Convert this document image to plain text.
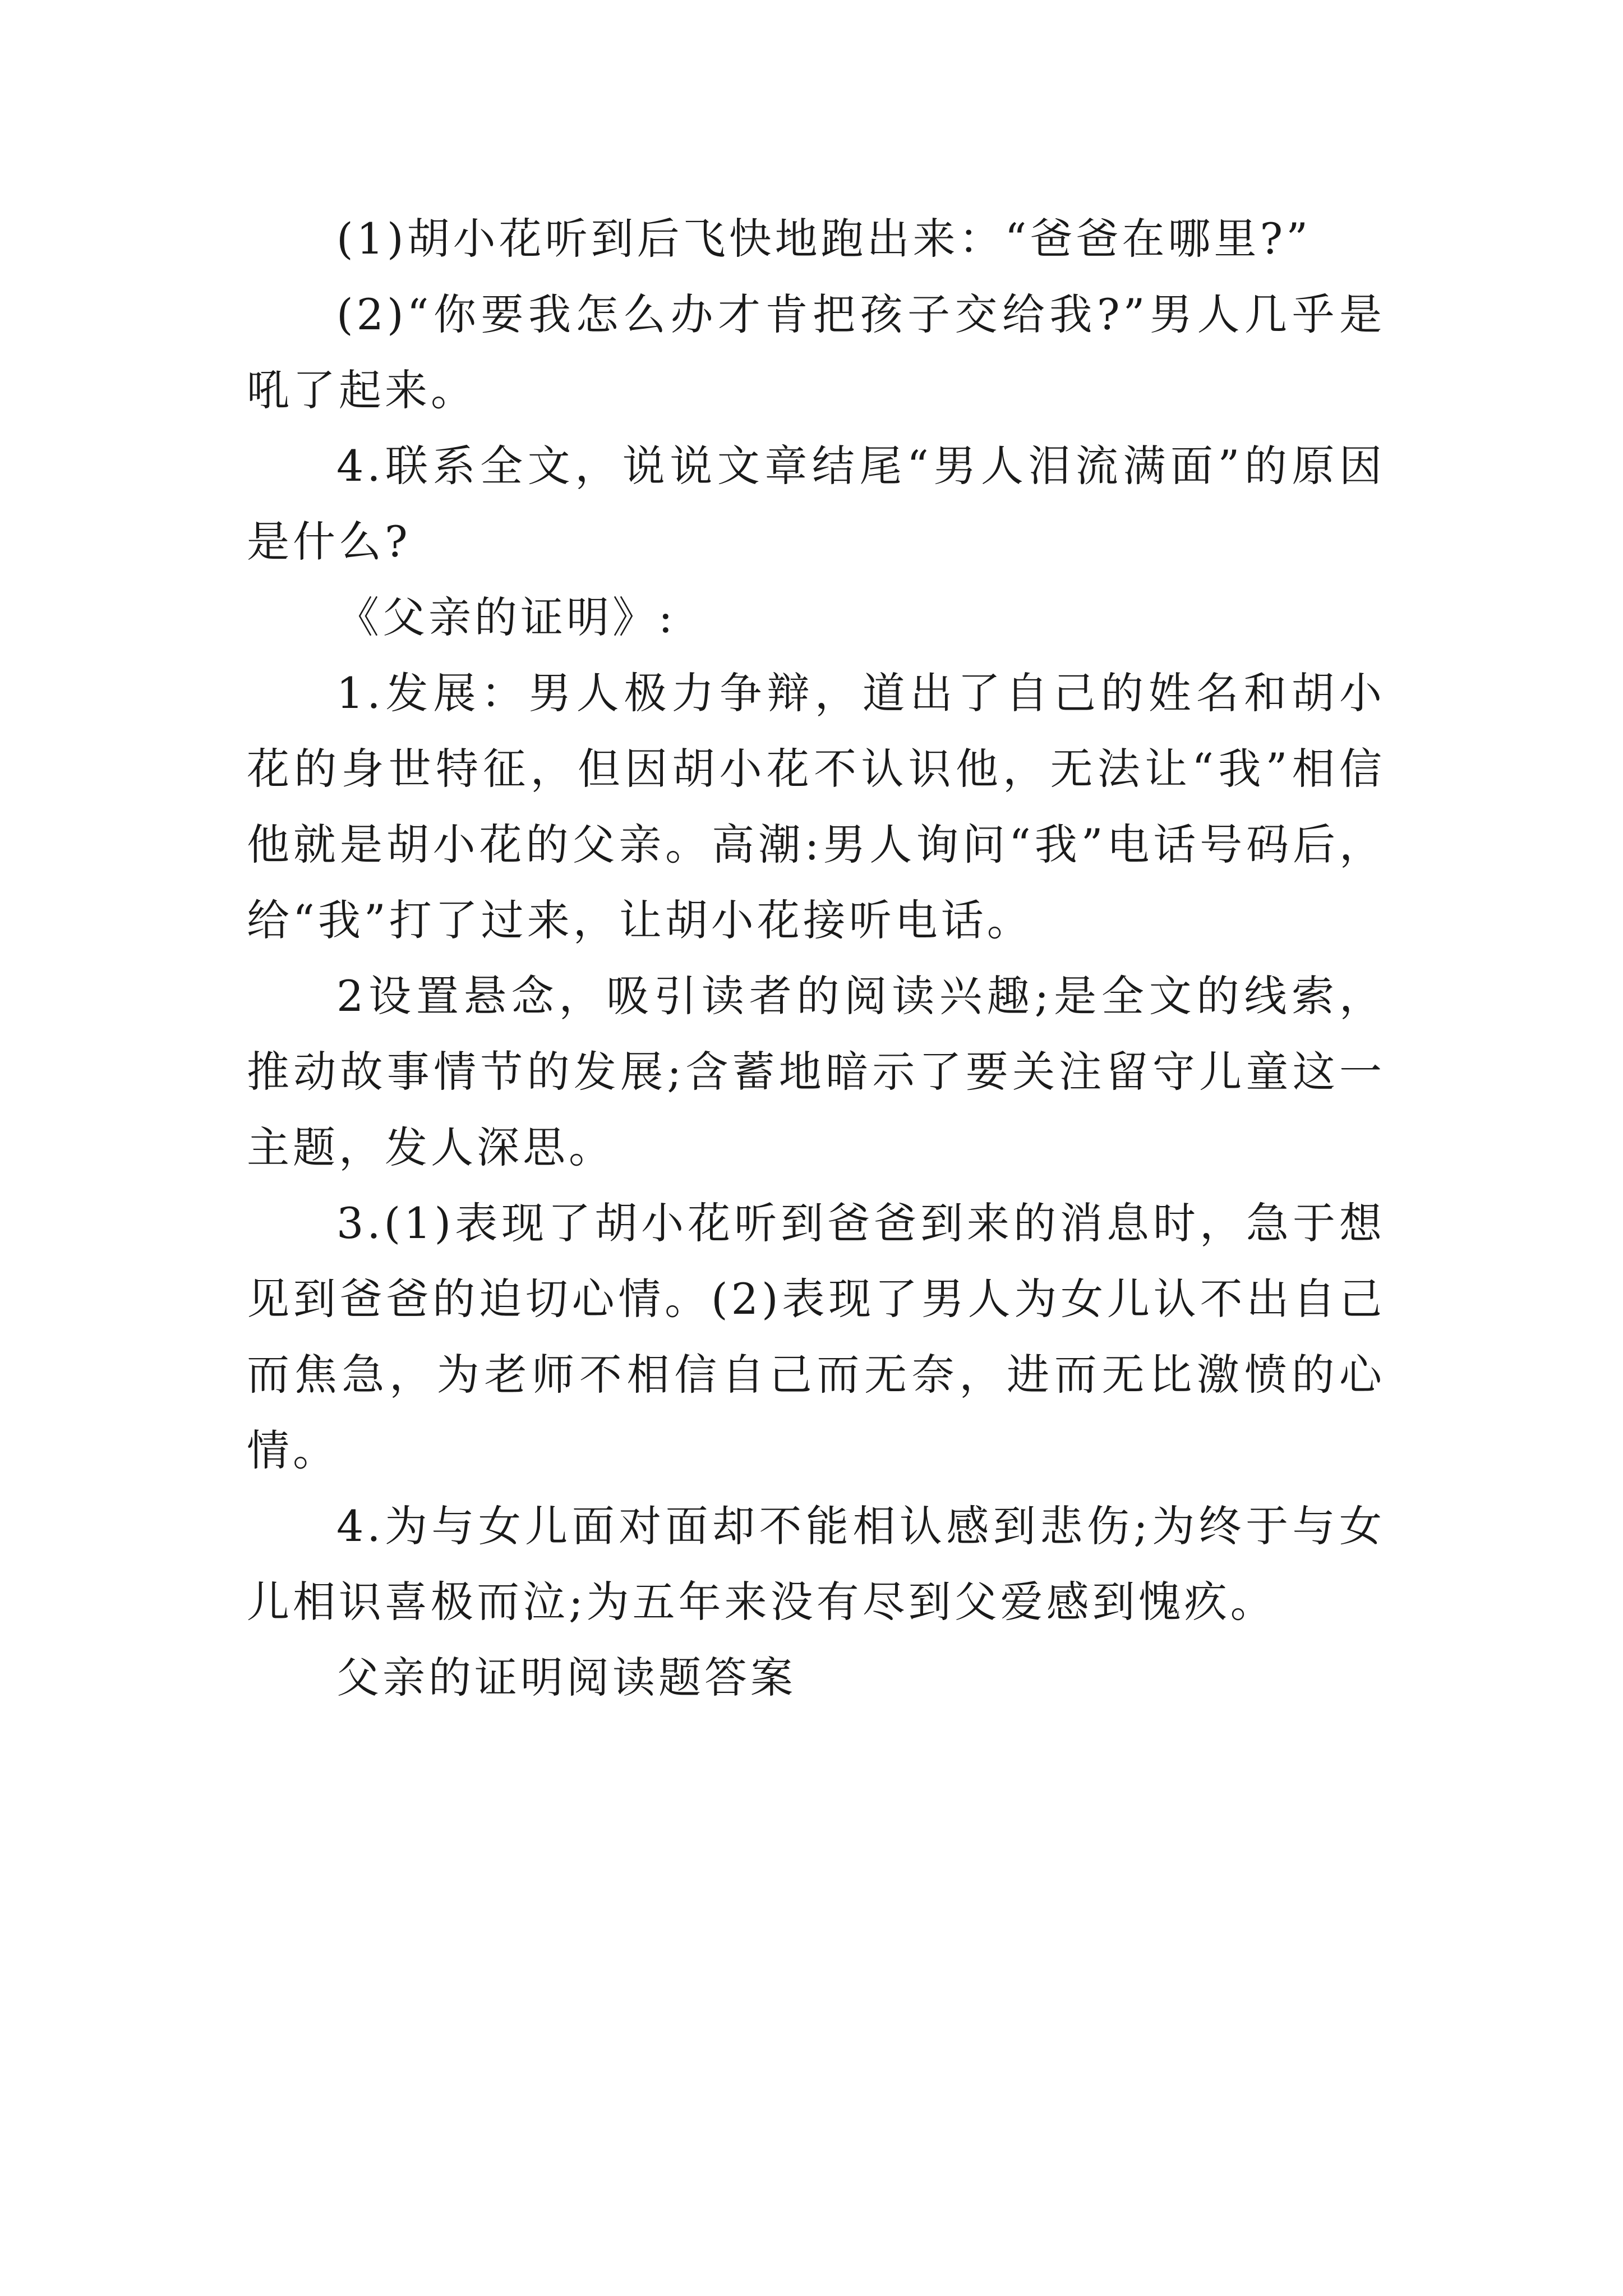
(1)胡小花听到后飞快地跑出来：“爸爸在哪里?”

(2)“你要我怎么办才肯把孩子交给我?”男人几乎是吼了起来。

4.联系全文，说说文章结尾“男人泪流满面”的原因是什么?

《父亲的证明》:

1.发展：男人极力争辩，道出了自己的姓名和胡小花的身世特征，但因胡小花不认识他，无法让“我”相信他就是胡小花的父亲。高潮:男人询问“我”电话号码后，给“我”打了过来，让胡小花接听电话。

2设置悬念，吸引读者的阅读兴趣;是全文的线索，推动故事情节的发展;含蓄地暗示了要关注留守儿童这一主题，发人深思。

3.(1)表现了胡小花听到爸爸到来的消息时，急于想见到爸爸的迫切心情。(2)表现了男人为女儿认不出自己而焦急，为老师不相信自己而无奈，进而无比激愤的心情。

4.为与女儿面对面却不能相认感到悲伤;为终于与女儿相识喜极而泣;为五年来没有尽到父爱感到愧疚。

父亲的证明阅读题答案
